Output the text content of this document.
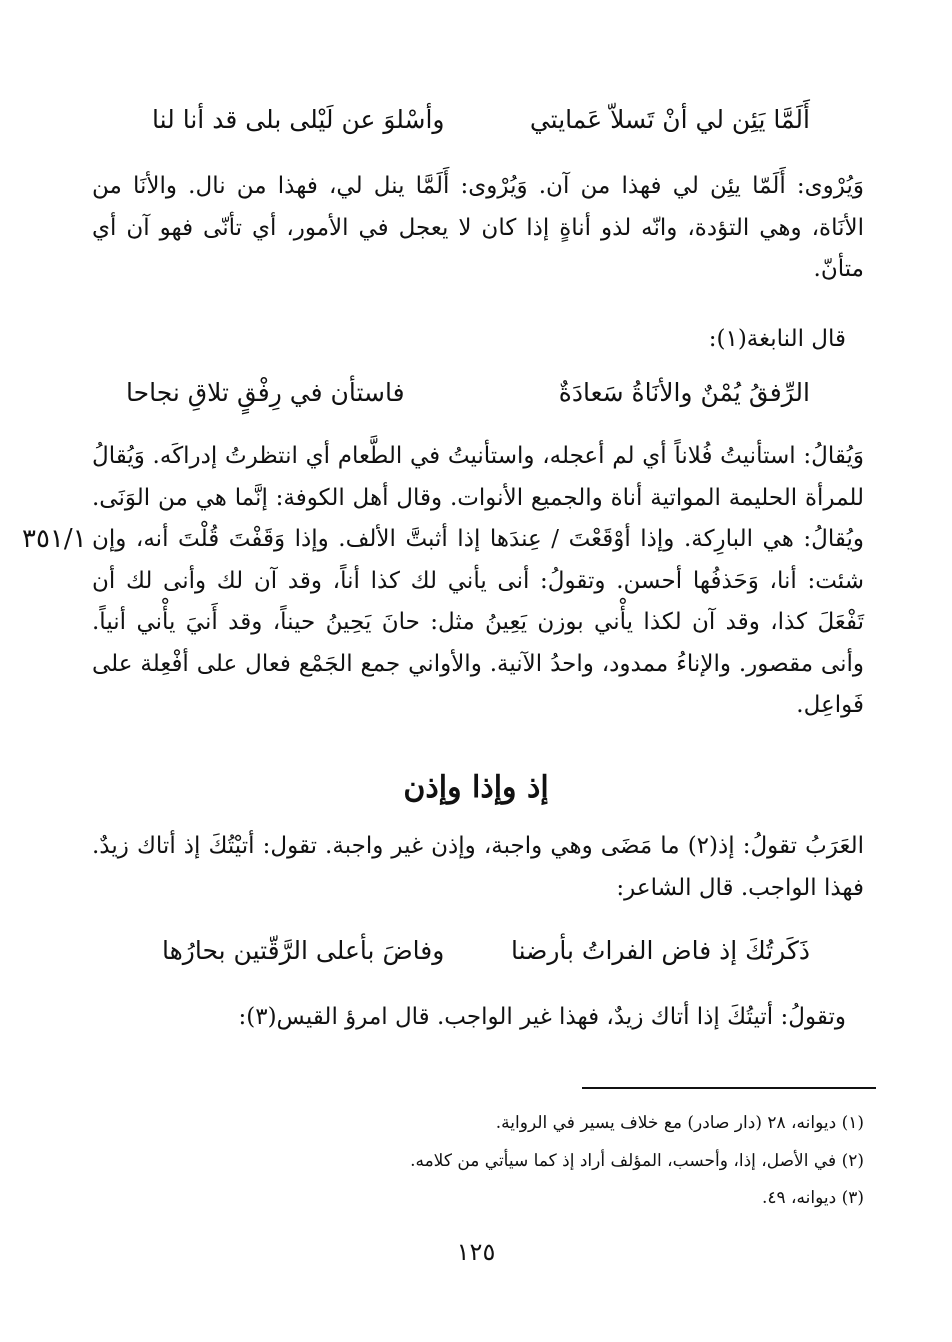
أَلَمَّا يَئِن لي أنْ تَسلاّ عَمايتي
وأسْلوَ عن لَيْلى بلى قد أنا لنا
وَيُرْوى: أَلَمّا يئِن لي فهذا من آن. وَيُرْوى: أَلَمَّا ينل لي، فهذا من نال. والأنَا من الأنَاة، وهي التؤدة، وانّه لذو أناةٍ إذا كان لا يعجل في الأمور، أي تأنّى فهو آن أي متأنّ.
قال النابغة(١):
الرِّفقُ يُمْنٌ والأنَاةُ سَعادَةٌ
فاستأن في رِفْقٍ تلاقِ نجاحا
وَيُقالُ: استأنيتُ فُلاناً أي لم أعجله، واستأنيتُ في الطَّعام أي انتظرتُ إدراكَه. وَيُقالُ للمرأة الحليمة المواتية أناة والجميع الأنوات. وقال أهل الكوفة: إنَّما هي من الوَنَى. ويُقالُ: هي البارِكة. وإذا أوْقَعْتَ / عِندَها إذا أثبتَّ الألف. وإذا وَقَفْتَ قُلْتَ أنه، وإن شئت: أنا، وَحَذفُها أحسن. وتقولُ: أنى يأني لك كذا أناً، وقد آن لك وأنى لك أن تَفْعَلَ كذا، وقد آن لكذا يأْني بوزن يَعِينُ مثل: حانَ يَحِينُ حيناً، وقد أَنيَ يأْني أنياً. وأنى مقصور. والإناءُ ممدود، واحدُ الآنية. والأواني جمع الجَمْع فعال على أفْعِلة على فَواعِل.
٣٥١/١
إذ وإذا وإذن
العَرَبُ تقولُ: إذ(٢) ما مَضَى وهي واجبة، وإذن غير واجبة. تقول: أتيْتُكَ إذ أتاك زيدٌ. فهذا الواجب. قال الشاعر:
ذَكَرتُكَ إذ فاض الفراتُ بأرضنا
وفاضَ بأعلى الرَّقّتين بحارُها
وتقولُ: أتيتُكَ إذا أتاك زيدٌ، فهذا غير الواجب. قال امرؤ القيس(٣):
(١) ديوانه، ٢٨ (دار صادر) مع خلاف يسير في الرواية.
(٢) في الأصل، إذا، وأحسب، المؤلف أراد إذ كما سيأتي من كلامه.
(٣) ديوانه، ٤٩.
١٢٥
